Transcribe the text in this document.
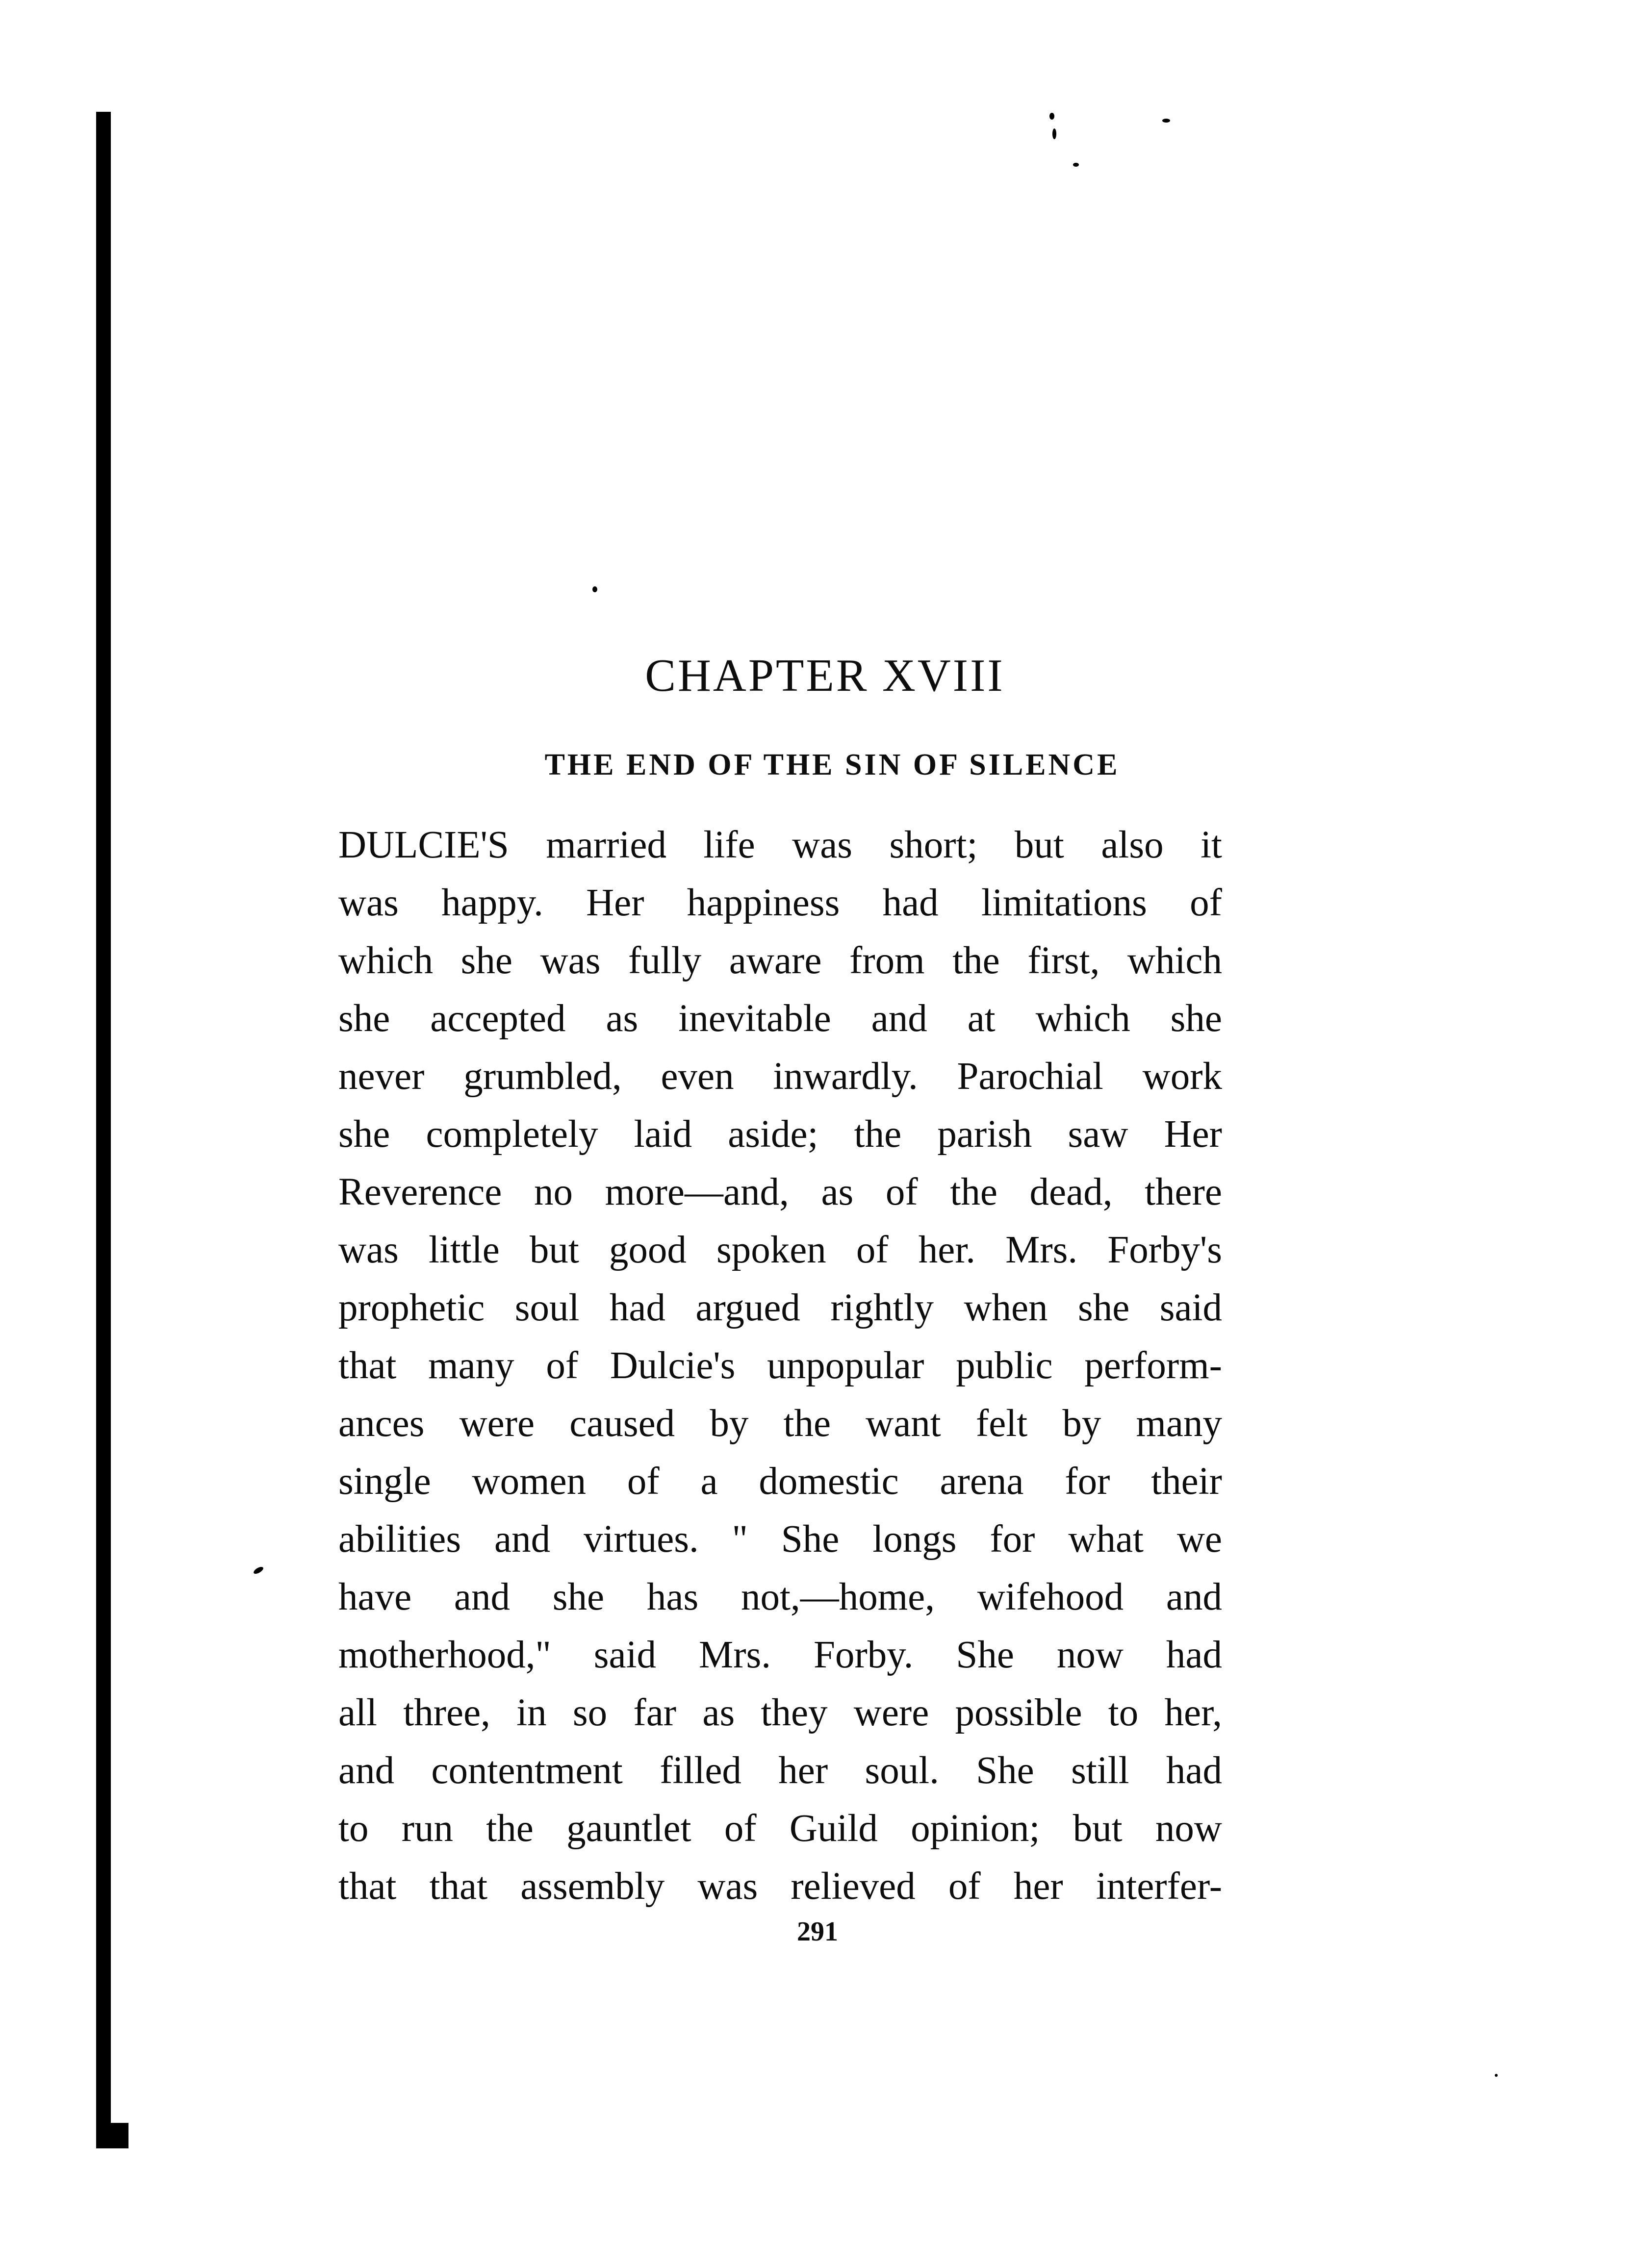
CHAPTER XVIII
THE END OF THE SIN OF SILENCE
DULCIE'S married life was short; but also it
was happy. Her happiness had limitations of
which she was fully aware from the first, which
she accepted as inevitable and at which she
never grumbled, even inwardly. Parochial work
she completely laid aside; the parish saw Her
Reverence no more—and, as of the dead, there
was little but good spoken of her. Mrs. Forby's
prophetic soul had argued rightly when she said
that many of Dulcie's unpopular public perform-
ances were caused by the want felt by many
single women of a domestic arena for their
abilities and virtues. " She longs for what we
have and she has not,—home, wifehood and
motherhood," said Mrs. Forby. She now had
all three, in so far as they were possible to her,
and contentment filled her soul. She still had
to run the gauntlet of Guild opinion; but now
that that assembly was relieved of her interfer-
291
